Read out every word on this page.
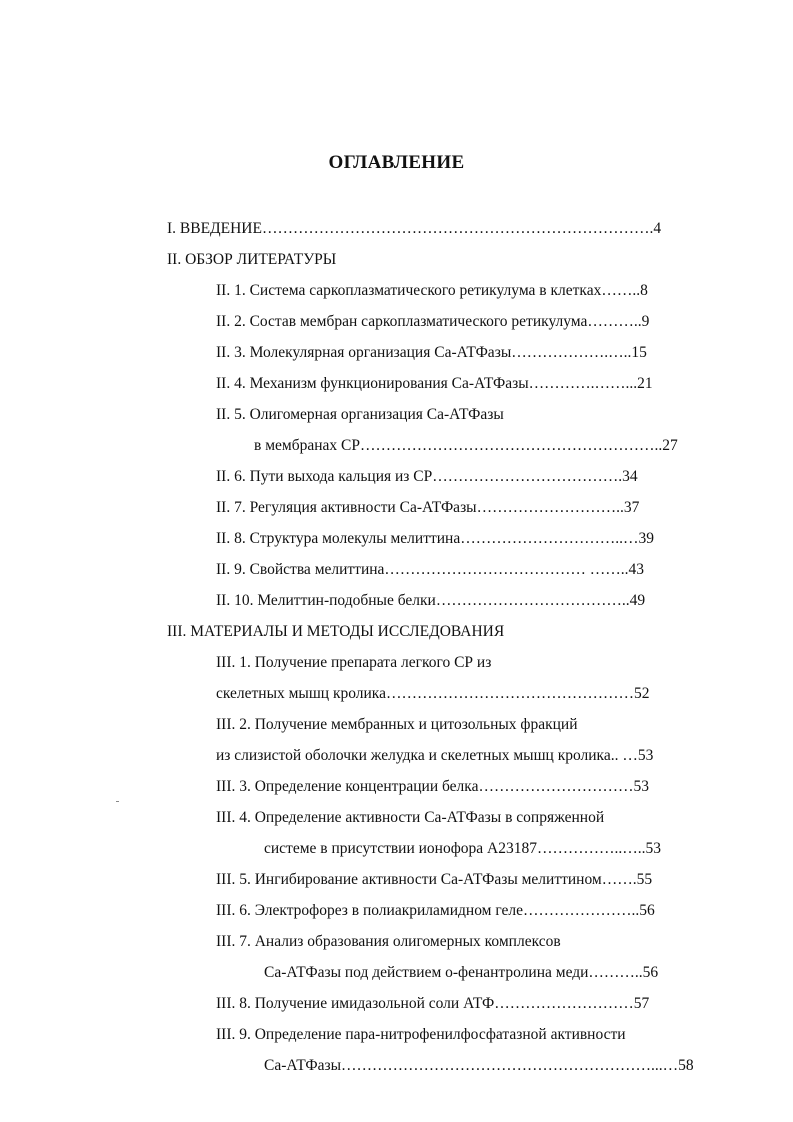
ОГЛАВЛЕНИЕ
I. ВВЕДЕНИЕ………………………………………………………………….4
II. ОБЗОР ЛИТЕРАТУРЫ
II. 1. Система саркоплазматического ретикулума в клетках……..8
II. 2. Состав мембран саркоплазматического ретикулума………..9
II. 3. Молекулярная организация Са-АТФазы……………….…..15
II. 4. Механизм функционирования Са-АТФазы………….……...21
II. 5. Олигомерная организация Са-АТФазы
в мембранах СР…………………………………………………..27
II. 6. Пути выхода кальция из СР……………………………….34
II. 7. Регуляция активности Са-АТФазы………………………..37
II. 8. Структура молекулы мелиттина…………………………..…39
II. 9. Свойства мелиттина………………………………… ……..43
II. 10. Мелиттин-подобные белки………………………………..49
III. МАТЕРИАЛЫ И МЕТОДЫ ИССЛЕДОВАНИЯ
III. 1. Получение препарата легкого СР из
скелетных мышц кролика…………………………………………52
III. 2. Получение мембранных и цитозольных фракций
из слизистой оболочки желудка и скелетных мышц кролика.. …53
III. 3. Определение концентрации белка…………………………53
III. 4. Определение активности Са-АТФазы в сопряженной
системе в присутствии ионофора А23187……………..…..53
III. 5. Ингибирование активности Са-АТФазы мелиттином…….55
III. 6. Электрофорез в полиакриламидном геле…………………..56
III. 7. Анализ образования олигомерных комплексов
Са-АТФазы под действием о-фенантролина меди………..56
III. 8. Получение имидазольной соли АТФ………………………57
III. 9. Определение пара-нитрофенилфосфатазной активности
Са-АТФазы……………………………………………………...…58
